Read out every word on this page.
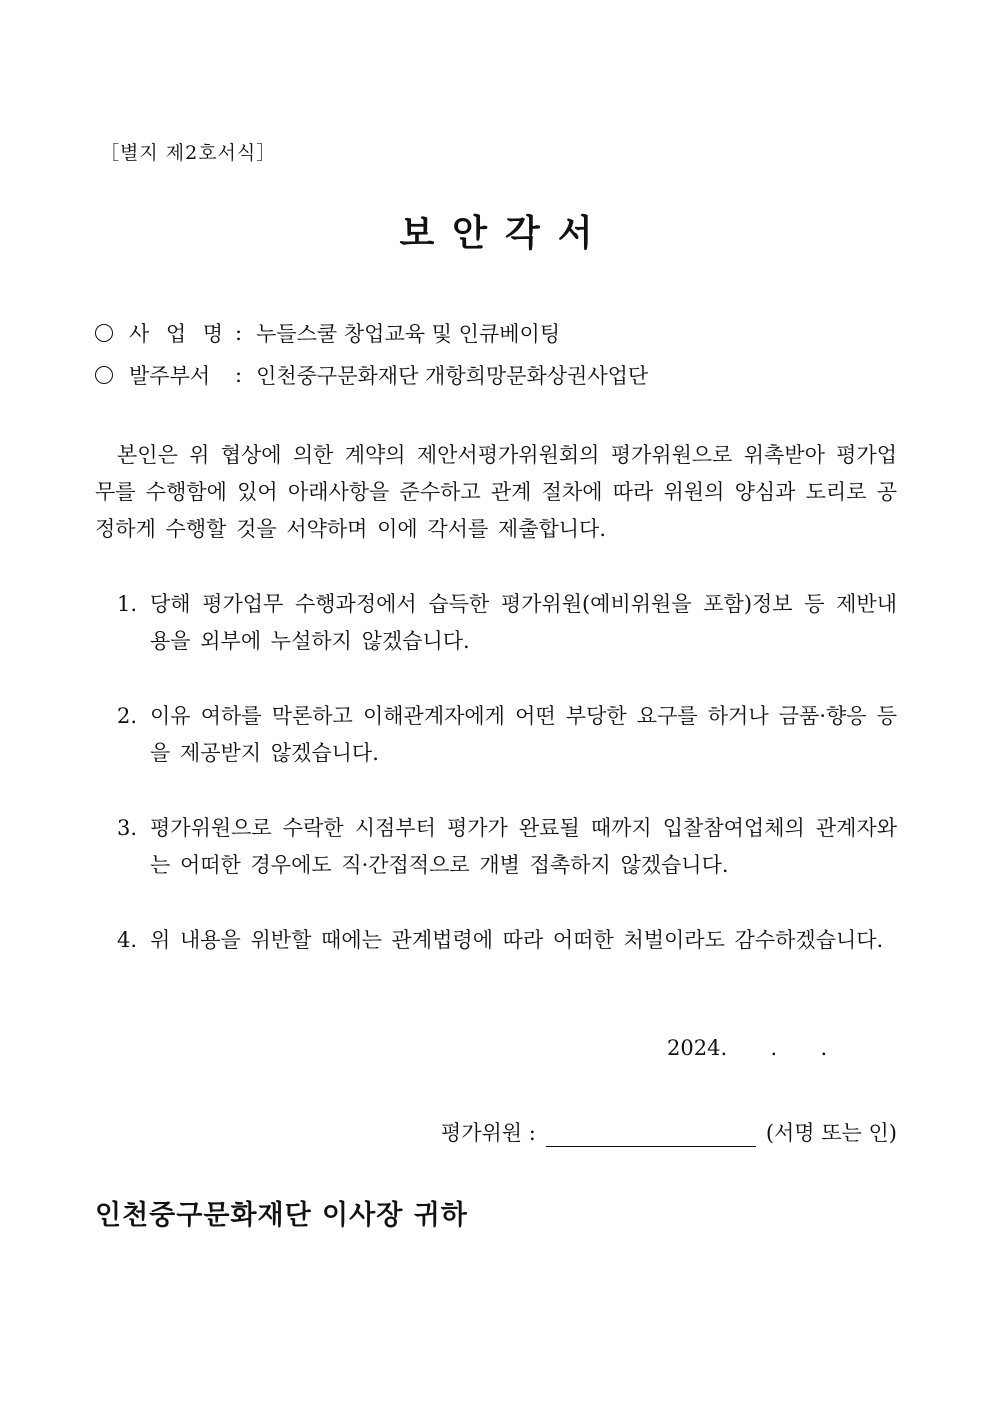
［별지 제2호서식］
보안각서
사 업 명 : 누들스쿨 창업교육 및 인큐베이팅
발주부서	: 인천중구문화재단 개항희망문화상권사업단
본인은 위 협상에 의한 계약의 제안서평가위원회의 평가위원으로 위촉받아 평가업무를 수행함에 있어 아래사항을 준수하고 관계 절차에 따라 위원의 양심과 도리로 공정하게 수행할 것을 서약하며 이에 각서를 제출합니다.
1. 당해 평가업무 수행과정에서 습득한 평가위원(예비위원을 포함)정보 등 제반내용을 외부에 누설하지 않겠습니다.
2. 이유 여하를 막론하고 이해관계자에게 어떤 부당한 요구를 하거나 금품·향응 등을 제공받지 않겠습니다.
3. 평가위원으로 수락한 시점부터 평가가 완료될 때까지 입찰참여업체의 관계자와는 어떠한 경우에도 직·간접적으로 개별 접촉하지 않겠습니다.
4. 위 내용을 위반할 때에는 관계법령에 따라 어떠한 처벌이라도 감수하겠습니다.
2024. . .
평가위원 :	(서명 또는 인)
인천중구문화재단 이사장 귀하
